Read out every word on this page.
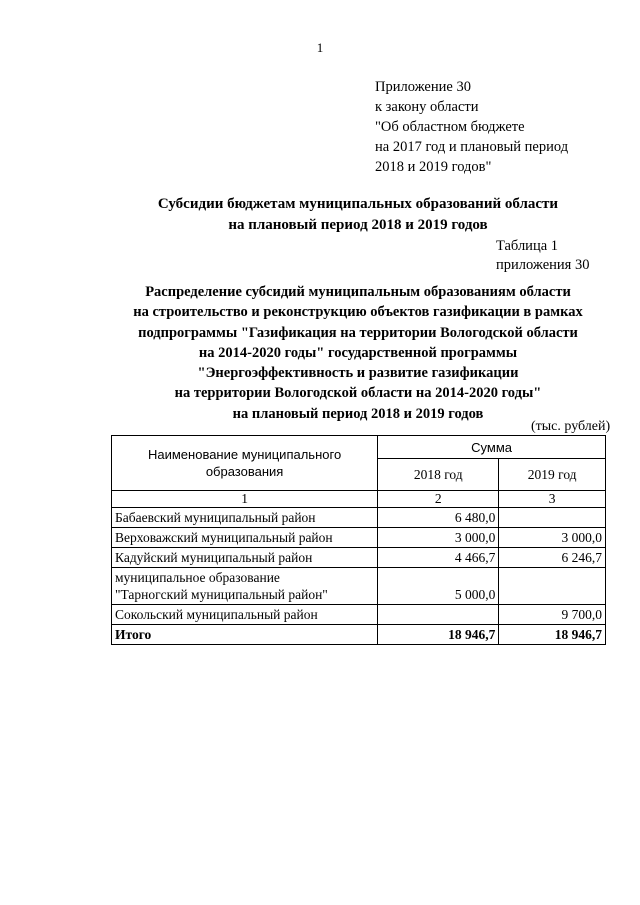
1
Приложение 30
к закону области
"Об областном бюджете
на 2017 год и плановый период
2018 и 2019 годов"
Субсидии бюджетам муниципальных образований области
на плановый период 2018 и 2019 годов
Таблица 1
приложения 30
Распределение субсидий муниципальным образованиям области
на строительство и реконструкцию объектов газификации в рамках
подпрограммы "Газификация на территории Вологодской области
на 2014-2020 годы" государственной программы
"Энергоэффективность и развитие газификации
на территории Вологодской области на 2014-2020 годы"
на плановый период 2018 и 2019 годов
(тыс. рублей)
Наименование муниципального
образования	Сумма	
	2018 год	2019 год
1	2	3
Бабаевский муниципальный район	6 480,0	
Верховажский муниципальный район	3 000,0	3 000,0
Кадуйский муниципальный район	4 466,7	6 246,7

муниципальное образование
"Тарногский муниципальный район"	5 000,0	
Сокольский муниципальный район		9 700,0
Итого	18 946,7	18 946,7
